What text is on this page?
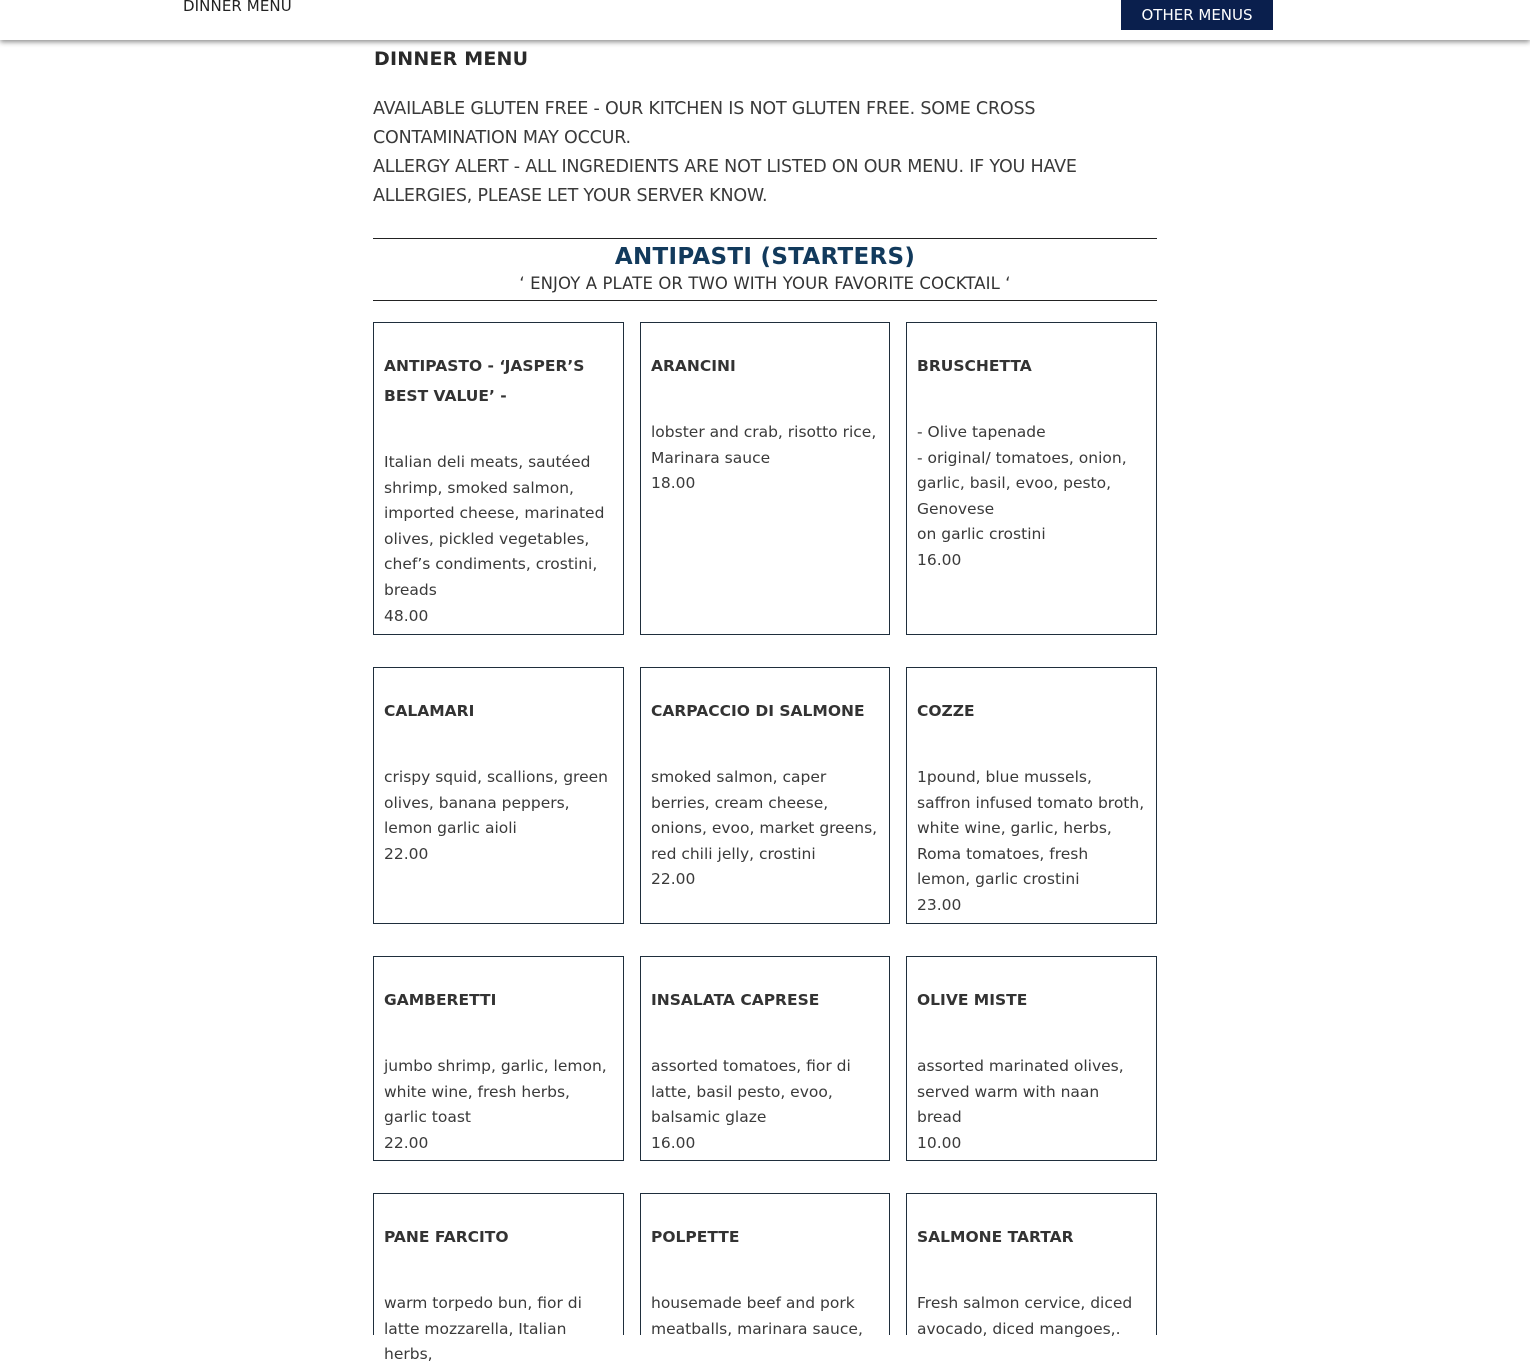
DINNER MENU	OTHER MENUS
DINNER MENU

AVAILABLE GLUTEN FREE - OUR KITCHEN IS NOT GLUTEN FREE. SOME CROSS CONTAMINATION MAY OCCUR.

ALLERGY ALERT - ALL INGREDIENTS ARE NOT LISTED ON OUR MENU. IF YOU HAVE ALLERGIES, PLEASE LET YOUR SERVER KNOW.

ANTIPASTI (STARTERS)
‘ ENJOY A PLATE OR TWO WITH YOUR FAVORITE COCKTAIL ‘
ANTIPASTO - ‘JASPER’S BEST VALUE’ -
Italian deli meats, sautéed shrimp, smoked salmon, imported cheese, marinated olives, pickled vegetables, chef’s condiments, crostini, breads
48.00
ARANCINI
lobster and crab, risotto rice, Marinara sauce
18.00
BRUSCHETTA
- Olive tapenade
- original/ tomatoes, onion, garlic, basil, evoo, pesto, Genovese
on garlic crostini
16.00
CALAMARI
crispy squid, scallions, green olives, banana peppers, lemon garlic aioli
22.00
CARPACCIO DI SALMONE
smoked salmon, caper berries, cream cheese, onions, evoo, market greens, red chili jelly, crostini
22.00
COZZE
1pound, blue mussels, saffron infused tomato broth, white wine, garlic, herbs, Roma tomatoes, fresh lemon, garlic crostini
23.00
GAMBERETTI
jumbo shrimp, garlic, lemon, white wine, fresh herbs, garlic toast
22.00
INSALATA CAPRESE
assorted tomatoes, fior di latte, basil pesto, evoo, balsamic glaze
16.00
OLIVE MISTE
assorted marinated olives, served warm with naan bread
10.00
PANE FARCITO
warm torpedo bun, fior di latte mozzarella, Italian herbs,
POLPETTE
housemade beef and pork meatballs, marinara sauce,
SALMONE TARTAR
Fresh salmon cervice, diced avocado, diced mangoes,.
